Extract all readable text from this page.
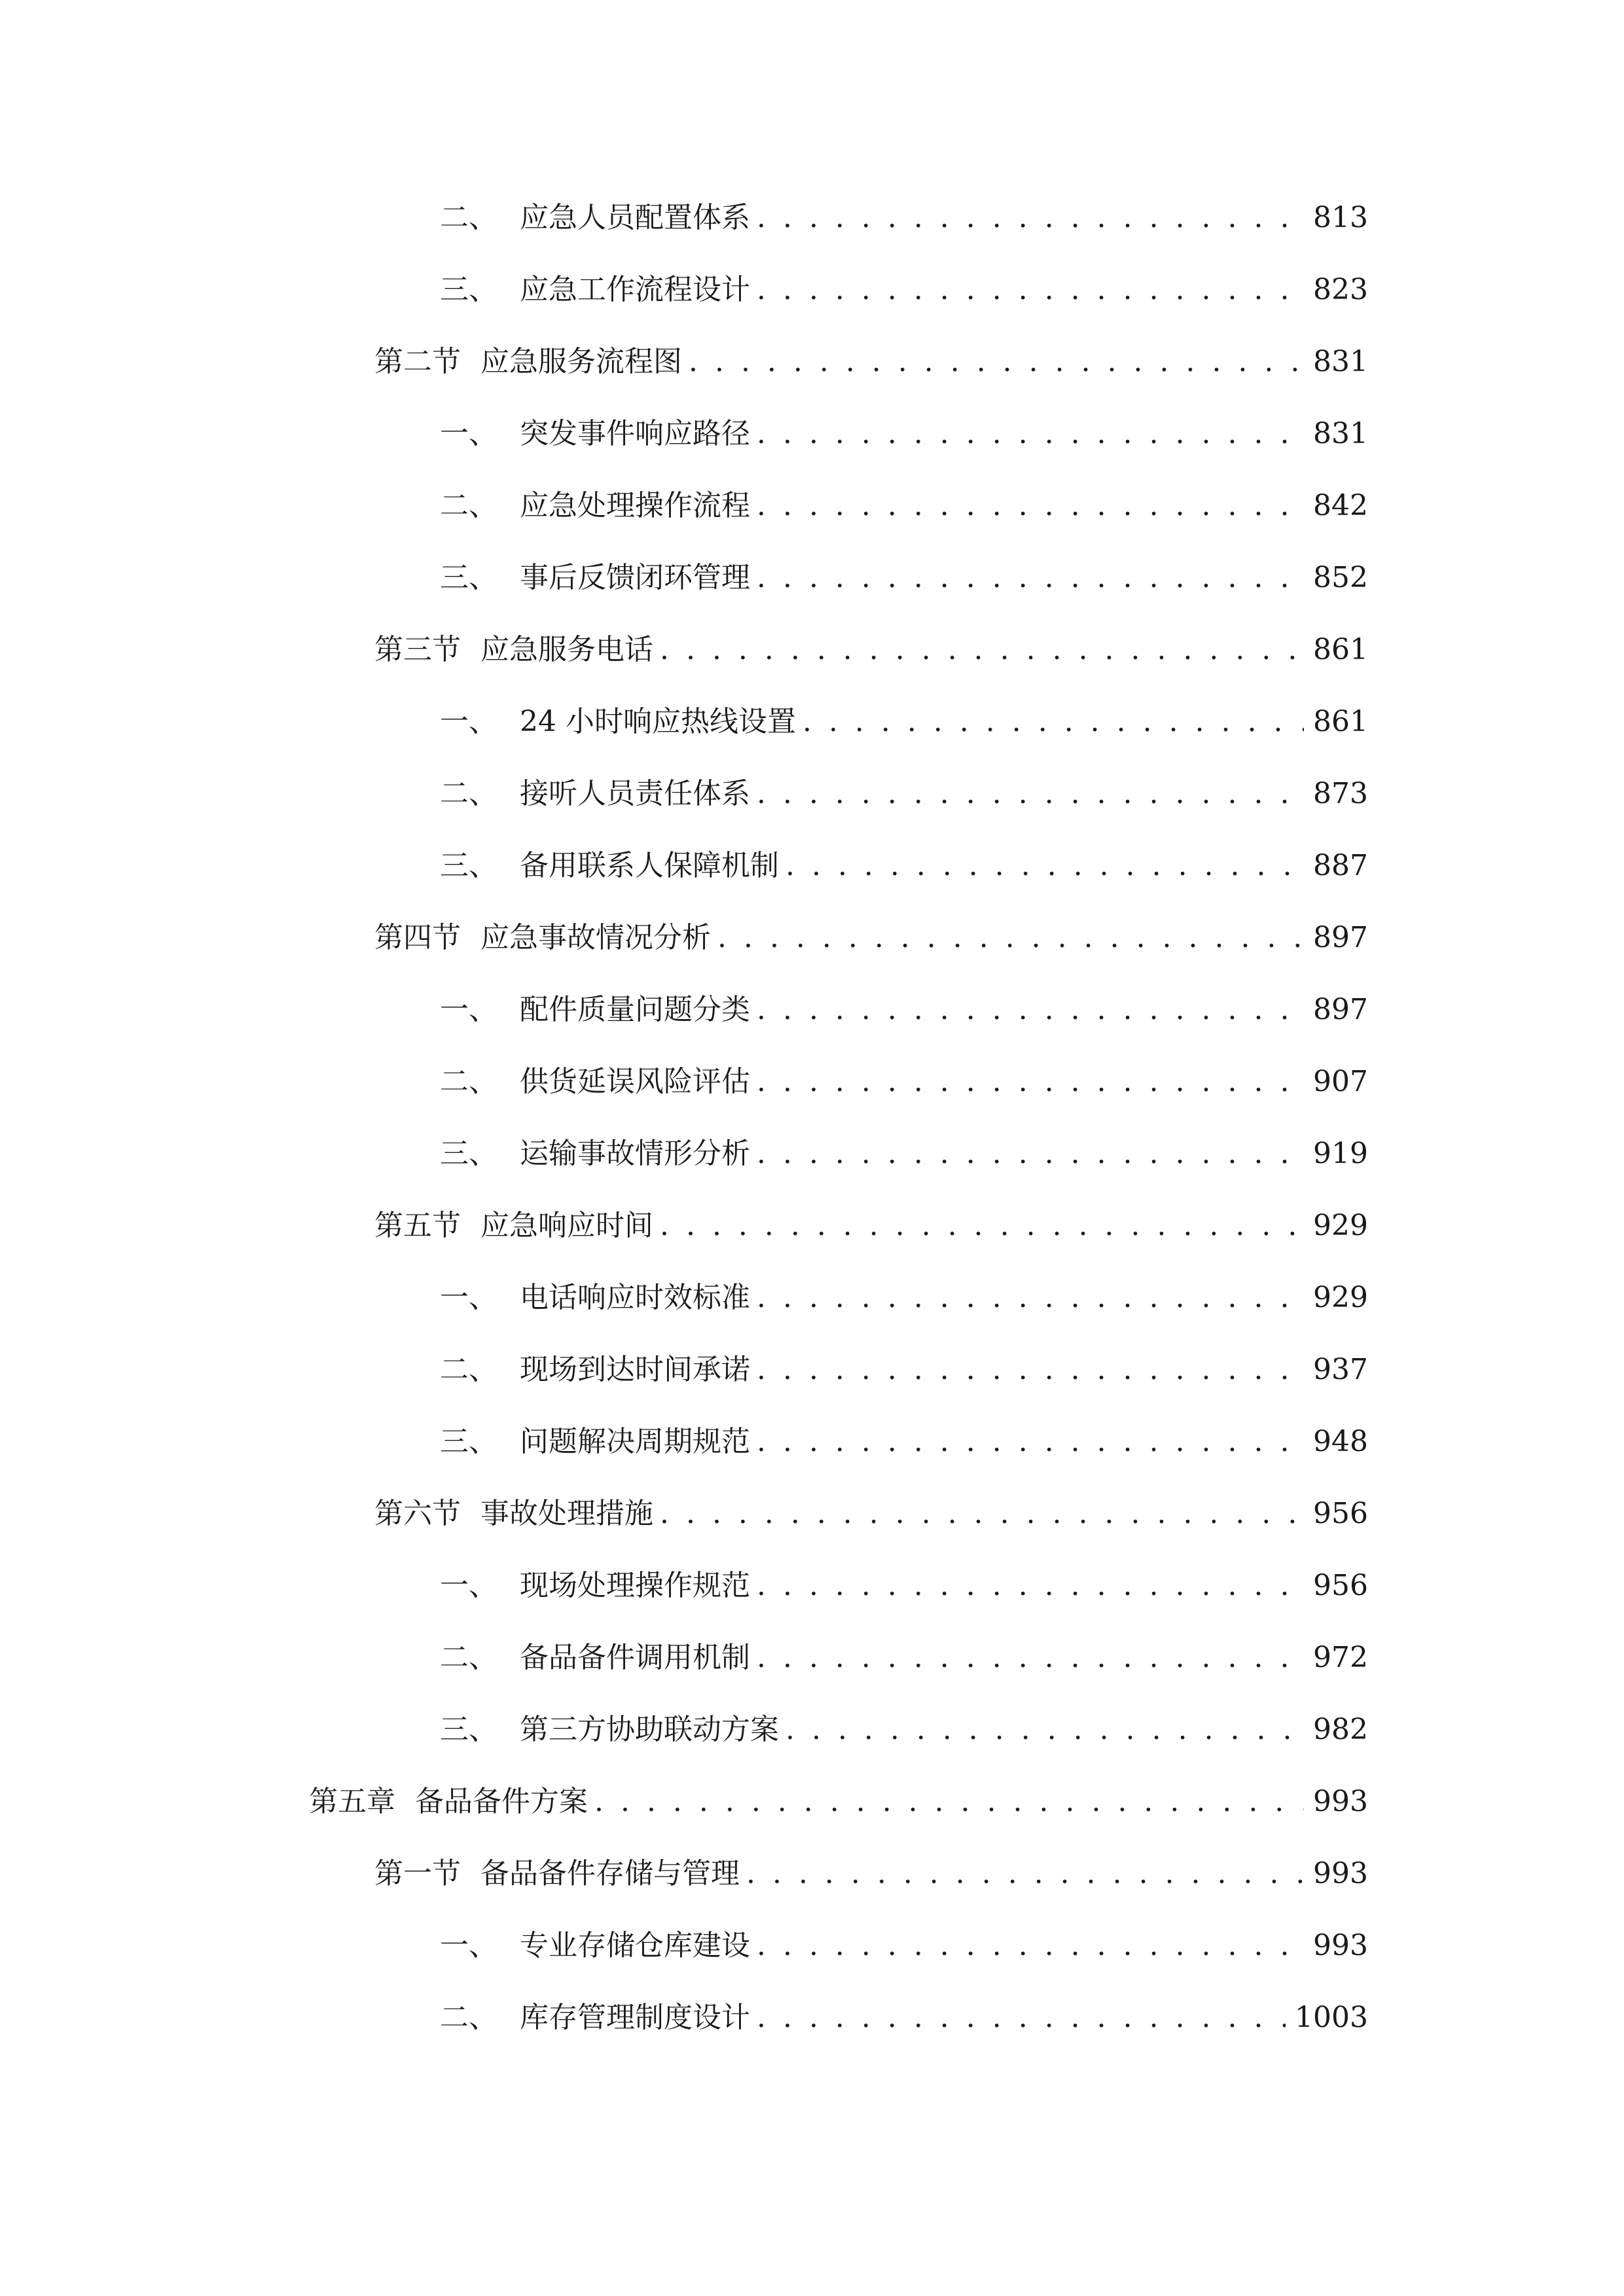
二、 应急人员配置体系 . . .	813
三、 应急工作流程设计 . . .	823
第二节 应急服务流程图 . . .	831
一、 突发事件响应路径 . . .	831
二、 应急处理操作流程 . . .	842
三、 事后反馈闭环管理 . . .	852
第三节 应急服务电话 . . .	861
一、 24 小时响应热线设置 . . .	861
二、 接听人员责任体系 . . .	873
三、 备用联系人保障机制 . . .	887
第四节 应急事故情况分析 . . .	897
一、 配件质量问题分类 . . .	897
二、 供货延误风险评估 . . .	907
三、 运输事故情形分析 . . .	919
第五节 应急响应时间 . . .	929
一、 电话响应时效标准 . . .	929
二、 现场到达时间承诺 . . .	937
三、 问题解决周期规范 . . .	948
第六节 事故处理措施 . . .	956
一、 现场处理操作规范 . . .	956
二、 备品备件调用机制 . . .	972
三、 第三方协助联动方案 . . .	982
第五章 备品备件方案 . . .	993
第一节 备品备件存储与管理 . . .	993
一、 专业存储仓库建设 . . .	993
二、 库存管理制度设计 . . .	1003
